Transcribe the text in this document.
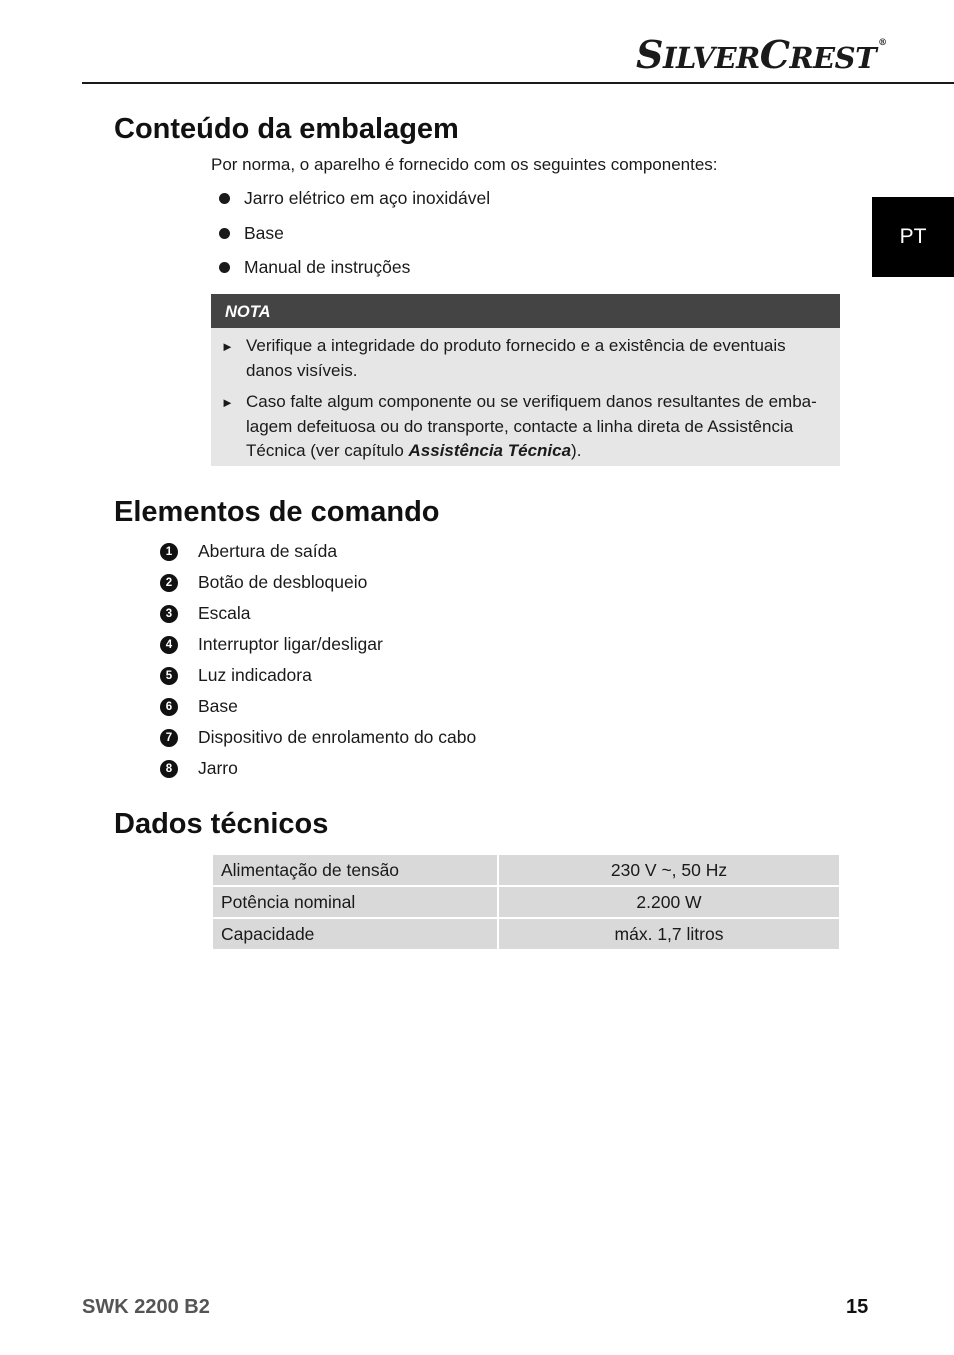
SILVERCREST ®
PT
Conteúdo da embalagem
Por norma, o aparelho é fornecido com os seguintes componentes:
Jarro elétrico em aço inoxidável
Base
Manual de instruções
NOTA
► Verifique a integridade do produto fornecido e a existência de eventuais danos visíveis.
► Caso falte algum componente ou se verifiquem danos resultantes de emba-lagem defeituosa ou do transporte, contacte a linha direta de Assistência Técnica (ver capítulo Assistência Técnica).
Elementos de comando
1	Abertura de saída
2	Botão de desbloqueio
3	Escala
4	Interruptor ligar/desligar
5	Luz indicadora
6	Base
7	Dispositivo de enrolamento do cabo
8	Jarro
Dados técnicos
Alimentação de tensão	230 V ~, 50 Hz
Potência nominal	2.200 W
Capacidade	máx. 1,7 litros
SWK 2200 B2	15
